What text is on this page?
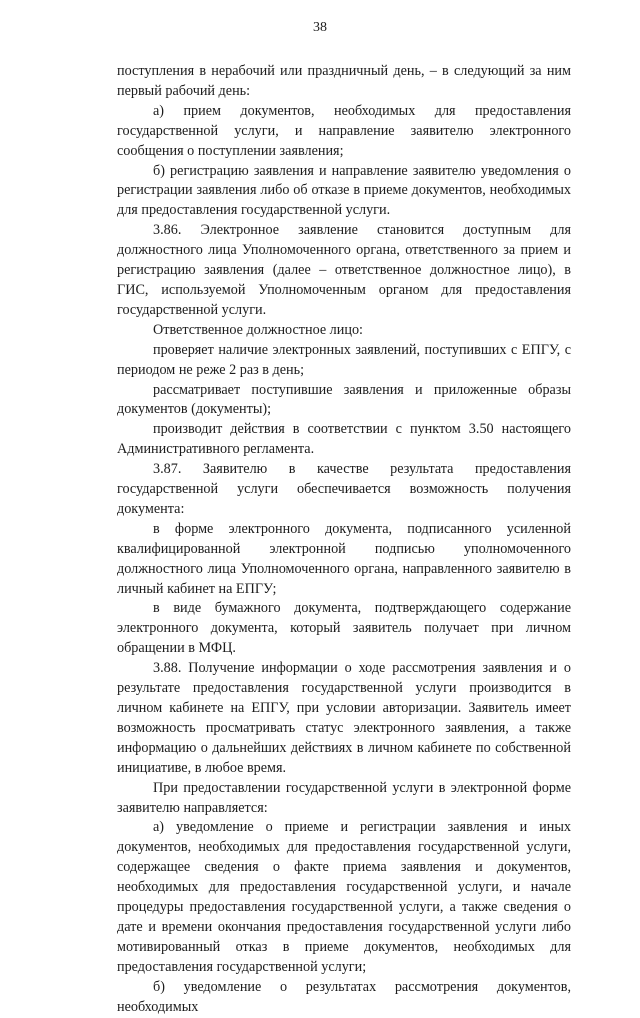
38

поступления в нерабочий или праздничный день, – в следующий за ним первый рабочий день:

а) прием документов, необходимых для предоставления государственной услуги, и направление заявителю электронного сообщения о поступлении заявления;

б) регистрацию заявления и направление заявителю уведомления о регистрации заявления либо об отказе в приеме документов, необходимых для предоставления государственной услуги.

3.86. Электронное заявление становится доступным для должностного лица Уполномоченного органа, ответственного за прием и регистрацию заявления (далее – ответственное должностное лицо), в ГИС, используемой Уполномоченным органом для предоставления государственной услуги.

Ответственное должностное лицо:

проверяет наличие электронных заявлений, поступивших с ЕПГУ, с периодом не реже 2 раз в день;

рассматривает поступившие заявления и приложенные образы документов (документы);

производит действия в соответствии с пунктом 3.50 настоящего Административного регламента.

3.87. Заявителю в качестве результата предоставления государственной услуги обеспечивается возможность получения документа:

в форме электронного документа, подписанного усиленной квалифицированной электронной подписью уполномоченного должностного лица Уполномоченного органа, направленного заявителю в личный кабинет на ЕПГУ;

в виде бумажного документа, подтверждающего содержание электронного документа, который заявитель получает при личном обращении в МФЦ.

3.88. Получение информации о ходе рассмотрения заявления и о результате предоставления государственной услуги производится в личном кабинете на ЕПГУ, при условии авторизации. Заявитель имеет возможность просматривать статус электронного заявления, а также информацию о дальнейших действиях в личном кабинете по собственной инициативе, в любое время.

При предоставлении государственной услуги в электронной форме заявителю направляется:

а) уведомление о приеме и регистрации заявления и иных документов, необходимых для предоставления государственной услуги, содержащее сведения о факте приема заявления и документов, необходимых для предоставления государственной услуги, и начале процедуры предоставления государственной услуги, а также сведения о дате и времени окончания предоставления государственной услуги либо мотивированный отказ в приеме документов, необходимых для предоставления государственной услуги;

б) уведомление о результатах рассмотрения документов, необходимых
